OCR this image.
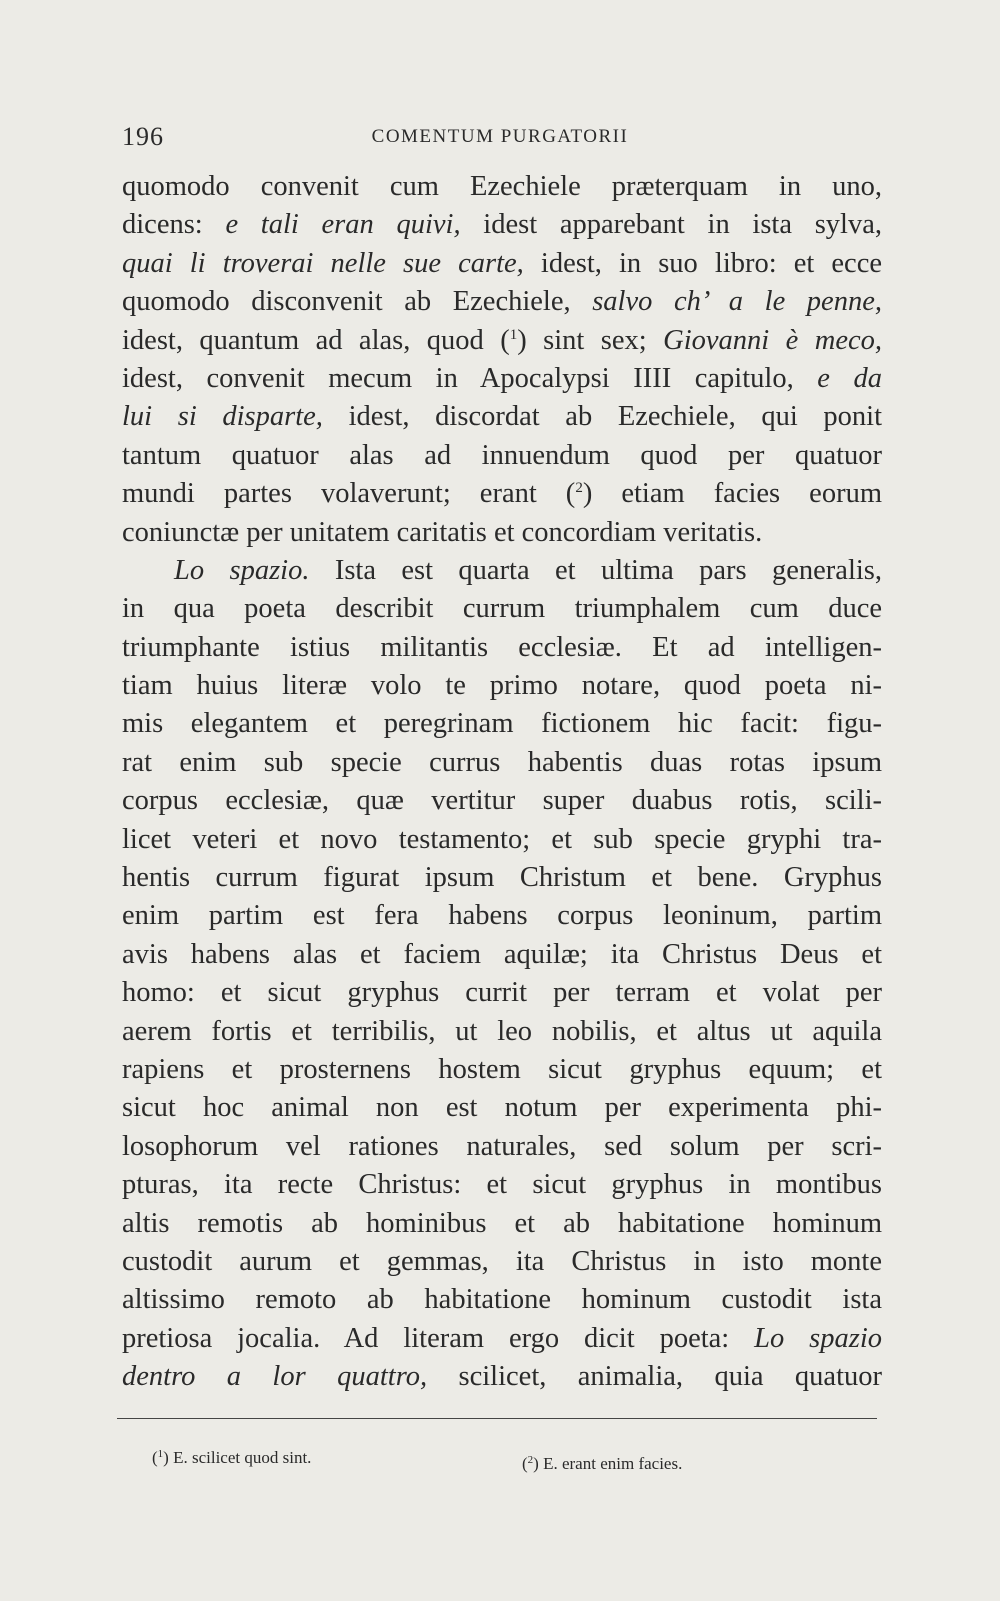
196	COMENTUM PURGATORII
quomodo convenit cum Ezechiele præterquam in uno,
dicens: e tali eran quivi, idest apparebant in ista sylva,
quai li troverai nelle sue carte, idest, in suo libro: et ecce
quomodo disconvenit ab Ezechiele, salvo ch’ a le penne,
idest, quantum ad alas, quod ($^1$) sint sex; Giovanni è meco,
idest, convenit mecum in Apocalypsi IIII capitulo, e da
lui si disparte, idest, discordat ab Ezechiele, qui ponit
tantum quatuor alas ad innuendum quod per quatuor
mundi partes volaverunt; erant ($^2$) etiam facies eorum
coniunctæ per unitatem caritatis et concordiam veritatis.
Lo spazio. Ista est quarta et ultima pars generalis,
in qua poeta describit currum triumphalem cum duce
triumphante istius militantis ecclesiæ. Et ad intelligen-
tiam huius literæ volo te primo notare, quod poeta ni-
mis elegantem et peregrinam fictionem hic facit: figu-
rat enim sub specie currus habentis duas rotas ipsum
corpus ecclesiæ, quæ vertitur super duabus rotis, scili-
licet veteri et novo testamento; et sub specie gryphi tra-
hentis currum figurat ipsum Christum et bene. Gryphus
enim partim est fera habens corpus leoninum, partim
avis habens alas et faciem aquilæ; ita Christus Deus et
homo: et sicut gryphus currit per terram et volat per
aerem fortis et terribilis, ut leo nobilis, et altus ut aquila
rapiens et prosternens hostem sicut gryphus equum; et
sicut hoc animal non est notum per experimenta phi-
losophorum vel rationes naturales, sed solum per scri-
pturas, ita recte Christus: et sicut gryphus in montibus
altis remotis ab hominibus et ab habitatione hominum
custodit aurum et gemmas, ita Christus in isto monte
altissimo remoto ab habitatione hominum custodit ista
pretiosa jocalia. Ad literam ergo dicit poeta: Lo spazio
dentro a lor quattro, scilicet, animalia, quia quatuor
($^1$) E. scilicet quod sint.	($^2$) E. erant enim facies.
